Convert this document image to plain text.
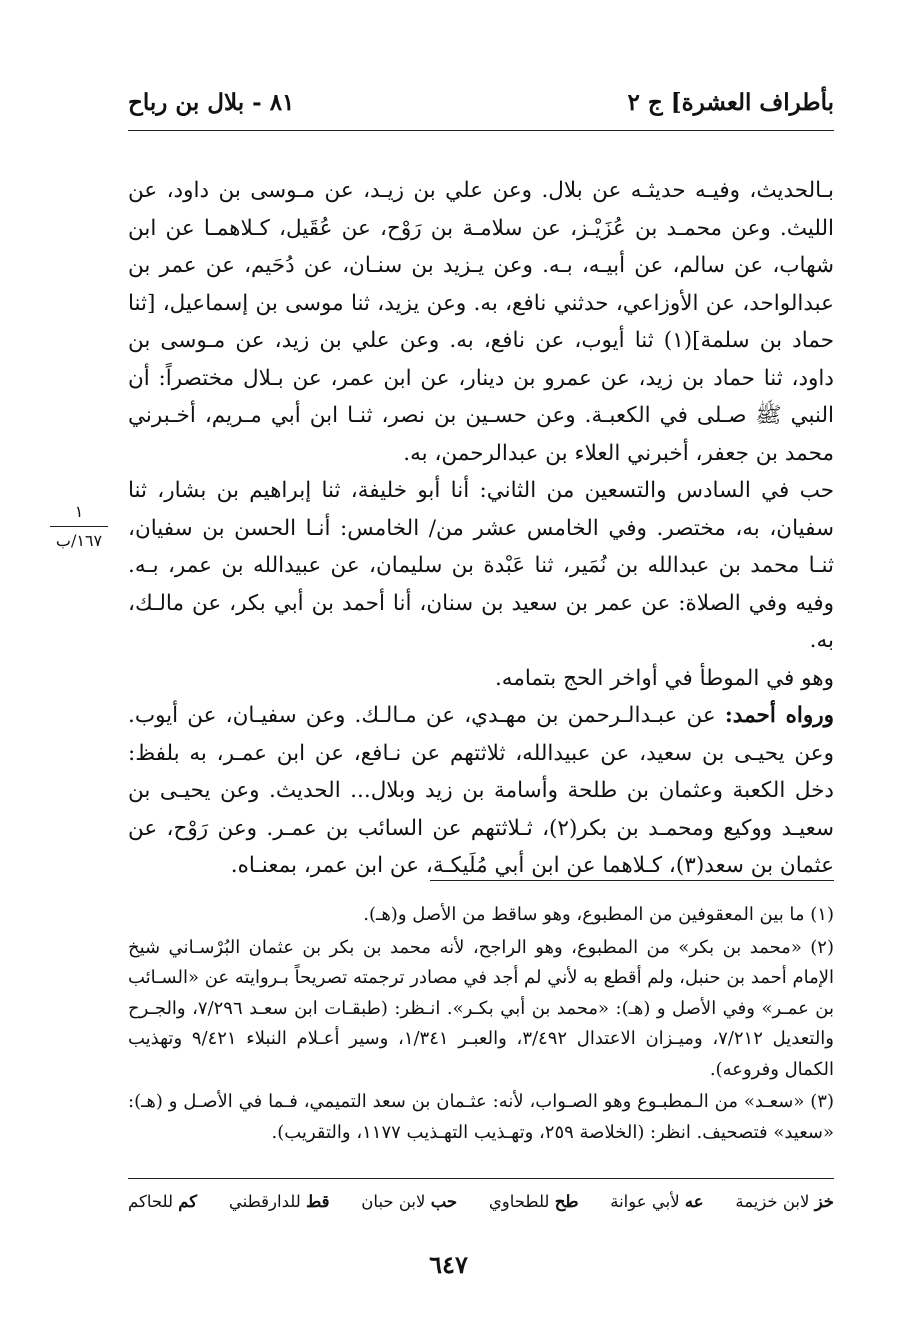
بأطراف العشرة] ج ٢
٨١ - بلال بن رباح
١
١٦٧/ب

بـالحديث، وفيـه حديثـه عن بلال. وعن علي بن زيـد، عن مـوسى بن داود، عن الليث. وعن محمـد بن عُزَيْـز، عن سلامـة بن رَوْح، عن عُقَيل، كـلاهمـا عن ابن شهاب، عن سالم، عن أبيـه، بـه. وعن يـزيد بن سنـان، عن دُحَيم، عن عمر بن عبدالواحد، عن الأوزاعي، حدثني نافع، به. وعن يزيد، ثنا موسى بن إسماعيل، [ثنا حماد بن سلمة](١) ثنا أيوب، عن نافع، به. وعن علي بن زيد، عن مـوسى بن داود، ثنا حماد بن زيد، عن عمرو بن دينار، عن ابن عمر، عن بـلال مختصراً: أن النبي ﷺ صـلى في الكعبـة. وعن حسـين بن نصر، ثنـا ابن أبي مـريم، أخـبرني محمد بن جعفر، أخبرني العلاء بن عبدالرحمن، به.

حب في السادس والتسعين من الثاني: أنا أبو خليفة، ثنا إبراهيم بن بشار، ثنا سفيان، به، مختصر. وفي الخامس عشر من/ الخامس: أنـا الحسن بن سفيان، ثنـا محمد بن عبدالله بن نُمَير، ثنا عَبْدة بن سليمان، عن عبيدالله بن عمر، بـه. وفيه وفي الصلاة: عن عمر بن سعيد بن سنان، أنا أحمد بن أبي بكر، عن مالـك، به.

وهو في الموطأ في أواخر الحج بتمامه.

ورواه أحمد: عن عبـدالـرحمن بن مهـدي، عن مـالـك. وعن سفيـان، عن أيوب. وعن يحيـى بن سعيد، عن عبيدالله، ثلاثتهم عن نـافع، عن ابن عمـر، به بلفظ: دخل الكعبة وعثمان بن طلحة وأسامة بن زيد وبلال... الحديث. وعن يحيـى بن سعيـد ووكيع ومحمـد بن بكر(٢)، ثـلاثتهم عن السائب بن عمـر. وعن رَوْح، عن عثمان بن سعد(٣)، كـلاهما عن ابن أبي مُلَيكـة، عن ابن عمر، بمعنـاه.

(١) ما بين المعقوفين من المطبوع، وهو ساقط من الأصل و(هـ).

(٢) «محمد بن بكر» من المطبوع، وهو الراجح، لأنه محمد بن بكر بن عثمان البُرْسـاني شيخ الإمام أحمد بن حنبل، ولم أقطع به لأني لم أجد في مصادر ترجمته تصريحاً بـروايته عن «السـائب بن عمـر» وفي الأصل و (هـ): «محمد بن أبي بكـر». انـظر: (طبقـات ابن سعـد ٧/٢٩٦، والجـرح والتعديل ٧/٢١٢، وميـزان الاعتدال ٣/٤٩٢، والعبـر ١/٣٤١، وسير أعـلام النبلاء ٩/٤٢١ وتهذيب الكمال وفروعه).

(٣) «سعـد» من الـمطبـوع وهو الصـواب، لأنه: عثـمان بن سعد التميمي، فـما في الأصـل و (هـ): «سعيد» فتصحيف. انظر: (الخلاصة ٢٥٩، وتهـذيب التهـذيب ١١٧٧، والتقريب).

خز لابن خزيمة
عه لأبي عوانة
طح للطحاوي
حب لابن حبان
قط للدارقطني
كم للحاكم
٦٤٧
